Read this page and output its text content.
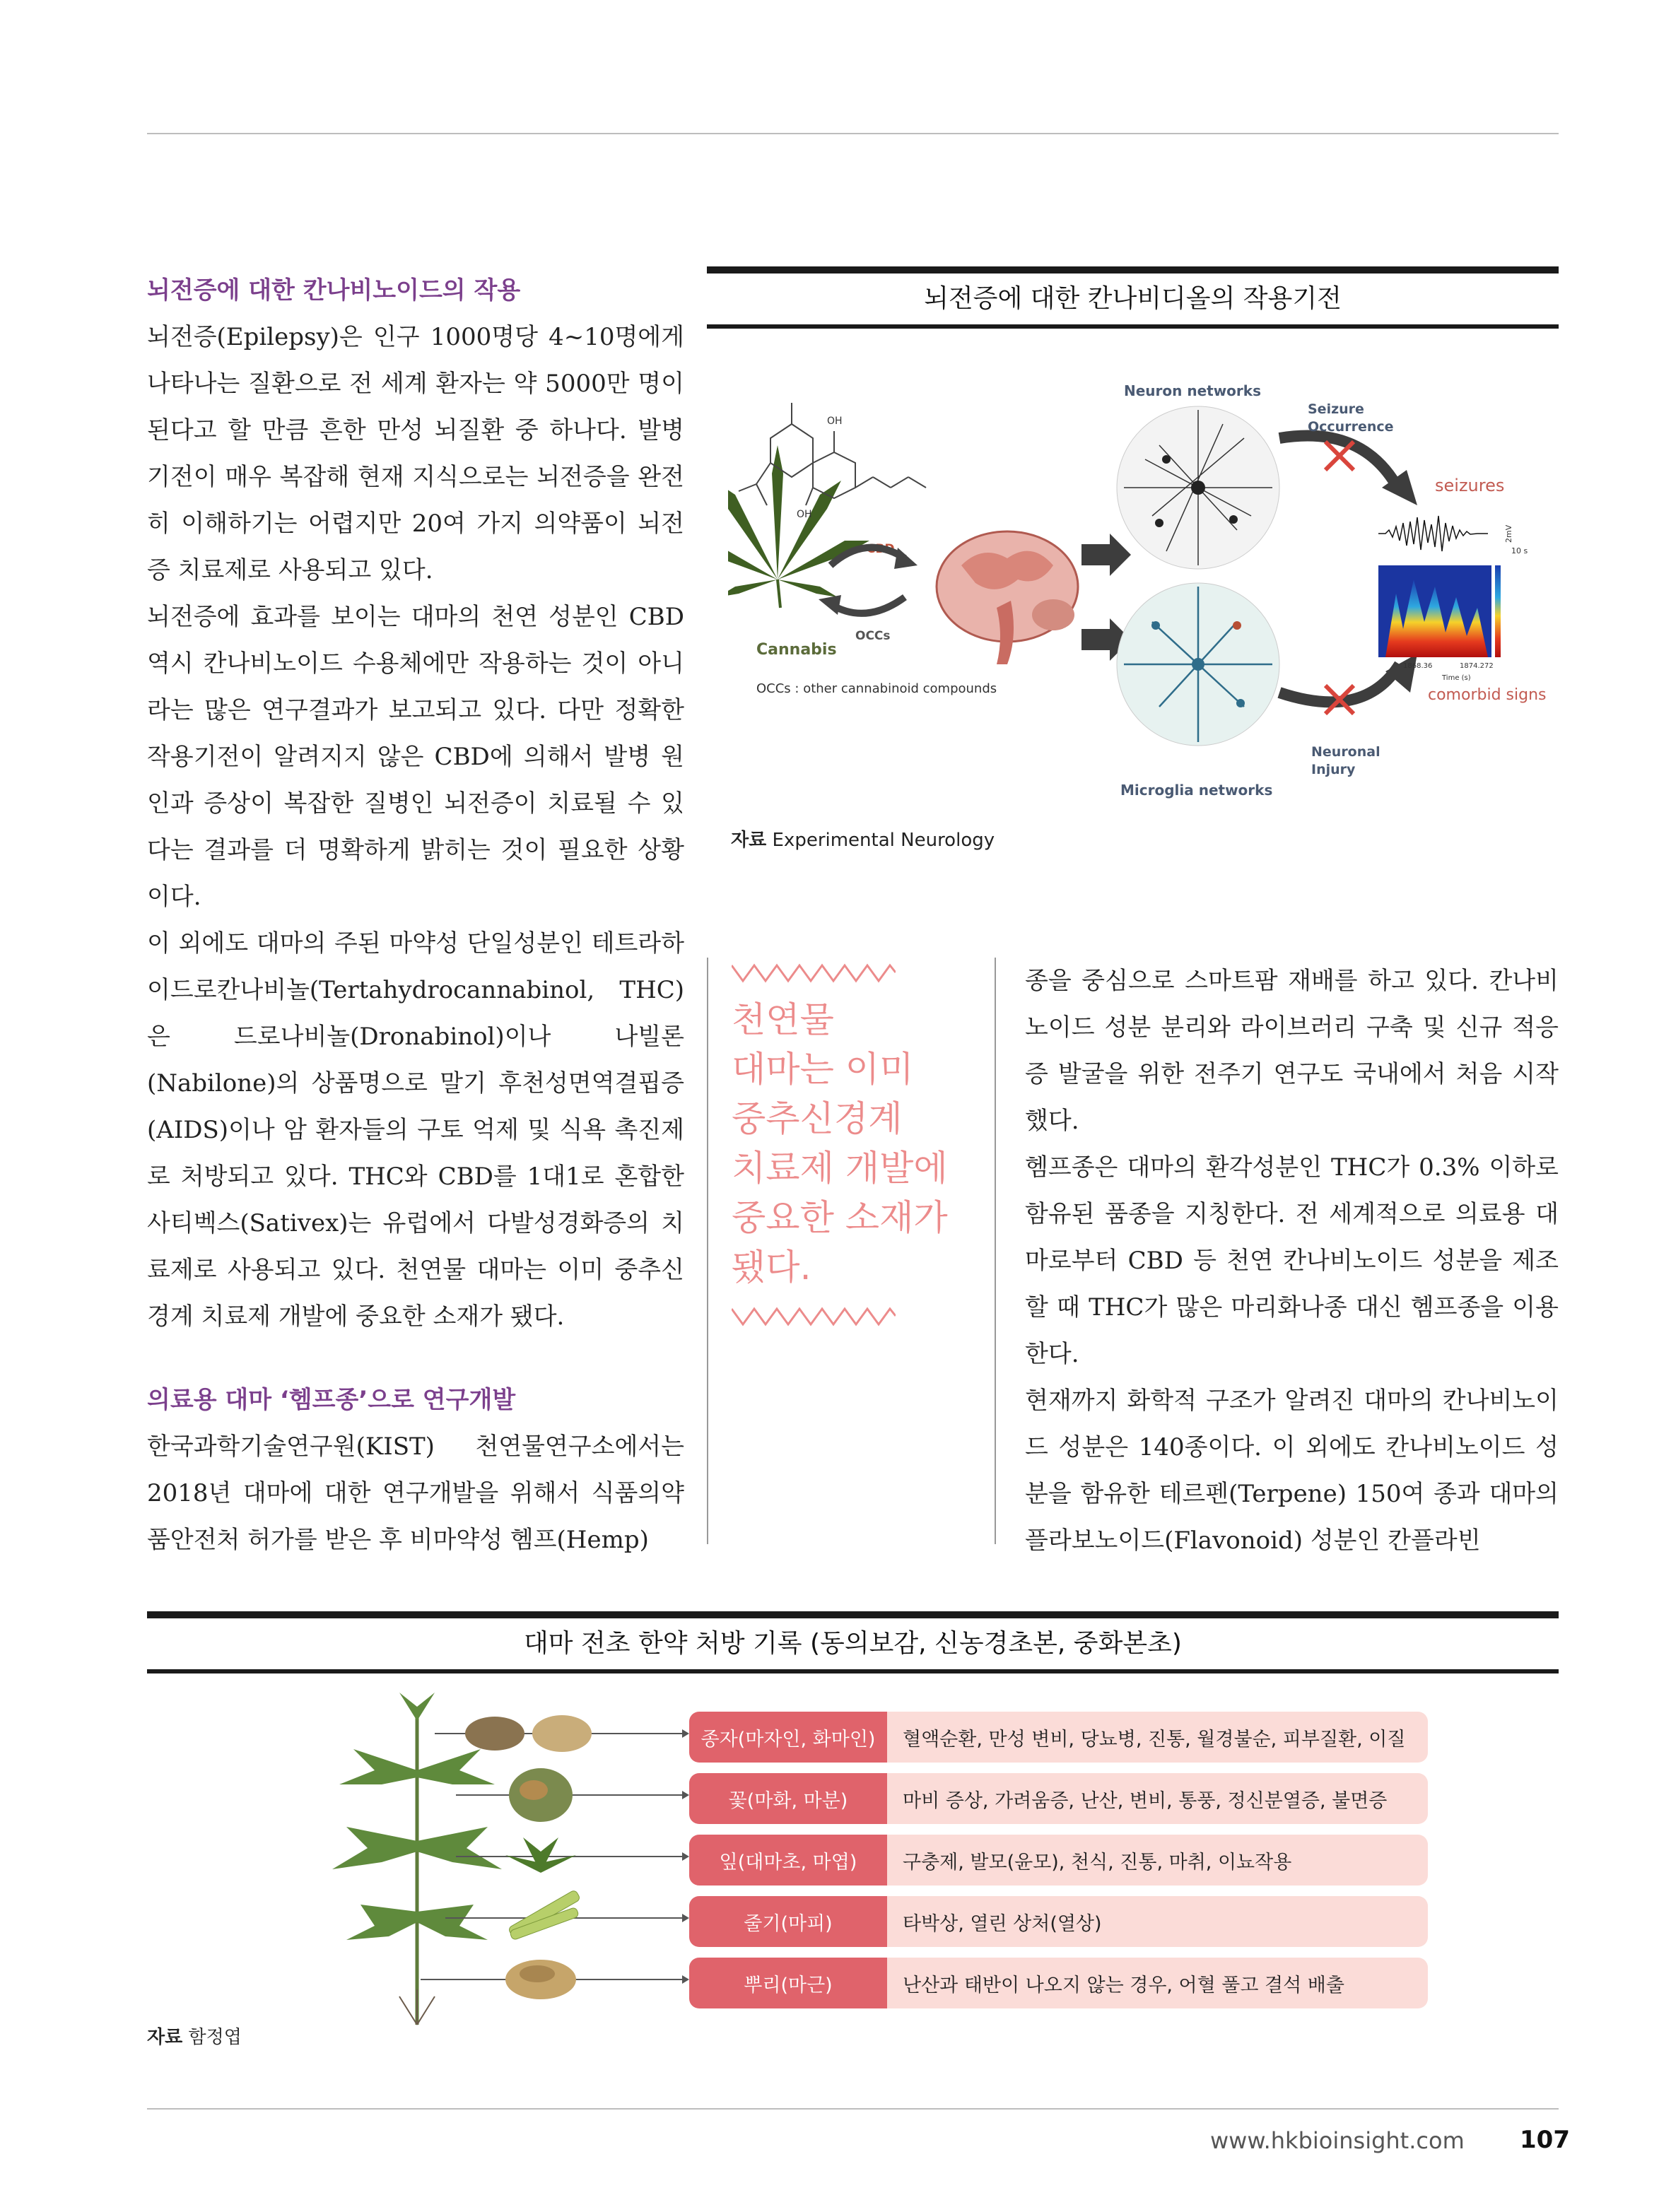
뇌전증에 대한 칸나비노이드의 작용

뇌전증(Epilepsy)은 인구 1000명당 4~10명에게 나타나는 질환으로 전 세계 환자는 약 5000만 명이 된다고 할 만큼 흔한 만성 뇌질환 중 하나다. 발병 기전이 매우 복잡해 현재 지식으로는 뇌전증을 완전히 이해하기는 어렵지만 20여 가지 의약품이 뇌전증 치료제로 사용되고 있다.

뇌전증에 효과를 보이는 대마의 천연 성분인 CBD 역시 칸나비노이드 수용체에만 작용하는 것이 아니라는 많은 연구결과가 보고되고 있다. 다만 정확한 작용기전이 알려지지 않은 CBD에 의해서 발병 원인과 증상이 복잡한 질병인 뇌전증이 치료될 수 있다는 결과를 더 명확하게 밝히는 것이 필요한 상황이다.

이 외에도 대마의 주된 마약성 단일성분인 테트라하이드로칸나비놀(Tertahydrocannabinol, THC)은 드로나비놀(Dronabinol)이나 나빌론(Nabilone)의 상품명으로 말기 후천성면역결핍증(AIDS)이나 암 환자들의 구토 억제 및 식욕 촉진제로 처방되고 있다. THC와 CBD를 1대1로 혼합한 사티벡스(Sativex)는 유럽에서 다발성경화증의 치료제로 사용되고 있다. 천연물 대마는 이미 중추신경계 치료제 개발에 중요한 소재가 됐다.

의료용 대마 ‘헴프종’으로 연구개발

한국과학기술연구원(KIST) 천연물연구소에서는 2018년 대마에 대한 연구개발을 위해서 식품의약품안전처 허가를 받은 후 비마약성 헴프(Hemp)

천연물
대마는 이미
중추신경계
치료제 개발에
중요한 소재가
됐다.

종을 중심으로 스마트팜 재배를 하고 있다. 칸나비노이드 성분 분리와 라이브러리 구축 및 신규 적응증 발굴을 위한 전주기 연구도 국내에서 처음 시작했다.

헴프종은 대마의 환각성분인 THC가 0.3% 이하로 함유된 품종을 지칭한다. 전 세계적으로 의료용 대마로부터 CBD 등 천연 칸나비노이드 성분을 제조할 때 THC가 많은 마리화나종 대신 헴프종을 이용한다.

현재까지 화학적 구조가 알려진 대마의 칸나비노이드 성분은 140종이다. 이 외에도 칸나비노이드 성분을 함유한 테르펜(Terpene) 150여 종과 대마의 플라보노이드(Flavonoid) 성분인 칸플라빈

뇌전증에 대한 칸나비디올의 작용기전
Cannabis
OCCs : other cannabinoid compounds
OH
OH
CBD
OCCs
Neuron networks
Microglia networks
Seizure
Occurrence
Neuronal
Injury
seizures
2mV
10 s
Time (s)
1868.36	1874.272
comorbid signs
자료 Experimental Neurology
대마 전초 한약 처방 기록 (동의보감, 신농경초본, 중화본초)
종자(마자인, 화마인)	혈액순환, 만성 변비, 당뇨병, 진통, 월경불순, 피부질환, 이질
꽃(마화, 마분)	마비 증상, 가려움증, 난산, 변비, 통풍, 정신분열증, 불면증
잎(대마초, 마엽)	구충제, 발모(윤모), 천식, 진통, 마취, 이뇨작용
줄기(마피)	타박상, 열린 상처(열상)
뿌리(마근)	난산과 태반이 나오지 않는 경우, 어혈 풀고 결석 배출
자료 함정엽
www.hkbioinsight.com 107
